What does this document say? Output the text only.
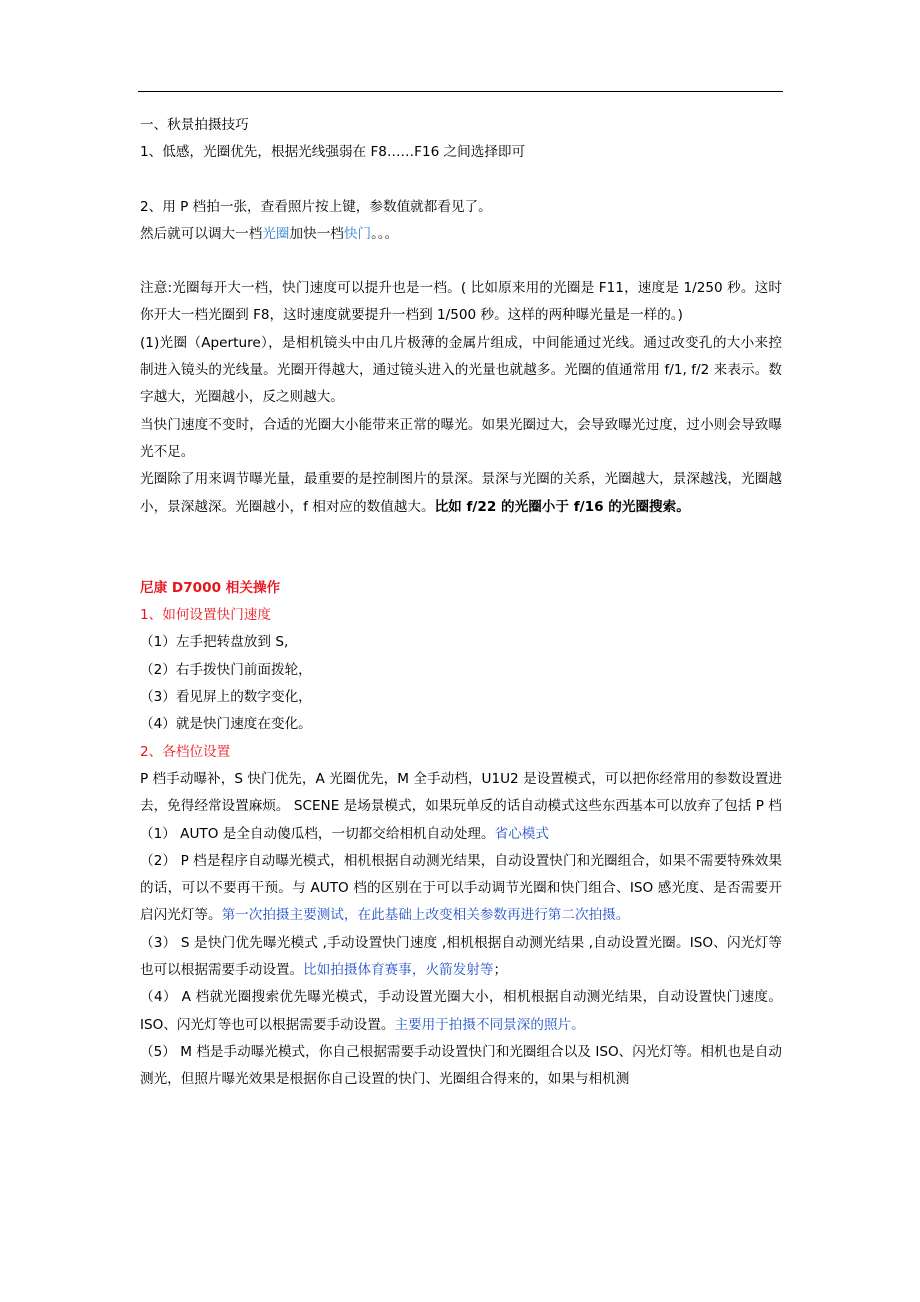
一、秋景拍摄技巧

1、低感，光圈优先，根据光线强弱在 F8……F16 之间选择即可

2、用 P 档拍一张，查看照片按上键，参数值就都看见了。

然后就可以调大一档光圈加快一档快门。。。

注意:光圈每开大一档，快门速度可以提升也是一档。( 比如原来用的光圈是 F11，速度是 1/250 秒。这时你开大一档光圈到 F8，这时速度就要提升一档到 1/500 秒。这样的两种曝光量是一样的。)

(1)光圈（Aperture），是相机镜头中由几片极薄的金属片组成，中间能通过光线。通过改变孔的大小来控制进入镜头的光线量。光圈开得越大，通过镜头进入的光量也就越多。光圈的值通常用 f/1, f/2 来表示。数字越大，光圈越小，反之则越大。

当快门速度不变时，合适的光圈大小能带来正常的曝光。如果光圈过大，会导致曝光过度，过小则会导致曝光不足。

光圈除了用来调节曝光量，最重要的是控制图片的景深。景深与光圈的关系，光圈越大，景深越浅，光圈越小，景深越深。光圈越小，f 相对应的数值越大。比如 f/22 的光圈小于 f/16 的光圈搜索。

尼康 D7000 相关操作

1、如何设置快门速度

（1）左手把转盘放到 S,

（2）右手拨快门前面拨轮，

（3）看见屏上的数字变化，

（4）就是快门速度在变化。

2、各档位设置

P 档手动曝补，S 快门优先，A 光圈优先，M 全手动档，U1U2 是设置模式，可以把你经常用的参数设置进去，免得经常设置麻烦。 SCENE 是场景模式，如果玩单反的话自动模式这些东西基本可以放弃了包括 P 档

（1） AUTO 是全自动傻瓜档，一切都交给相机自动处理。省心模式

（2） P 档是程序自动曝光模式，相机根据自动测光结果，自动设置快门和光圈组合，如果不需要特殊效果的话，可以不要再干预。与 AUTO 档的区别在于可以手动调节光圈和快门组合、ISO 感光度、是否需要开启闪光灯等。第一次拍摄主要测试，在此基础上改变相关参数再进行第二次拍摄。

（3） S 是快门优先曝光模式 ,手动设置快门速度 ,相机根据自动测光结果 ,自动设置光圈。ISO、闪光灯等也可以根据需要手动设置。比如拍摄体育赛事，火箭发射等；

（4） A 档就光圈搜索优先曝光模式，手动设置光圈大小，相机根据自动测光结果，自动设置快门速度。ISO、闪光灯等也可以根据需要手动设置。主要用于拍摄不同景深的照片。

（5） M 档是手动曝光模式，你自己根据需要手动设置快门和光圈组合以及 ISO、闪光灯等。相机也是自动测光，但照片曝光效果是根据你自己设置的快门、光圈组合得来的，如果与相机测
